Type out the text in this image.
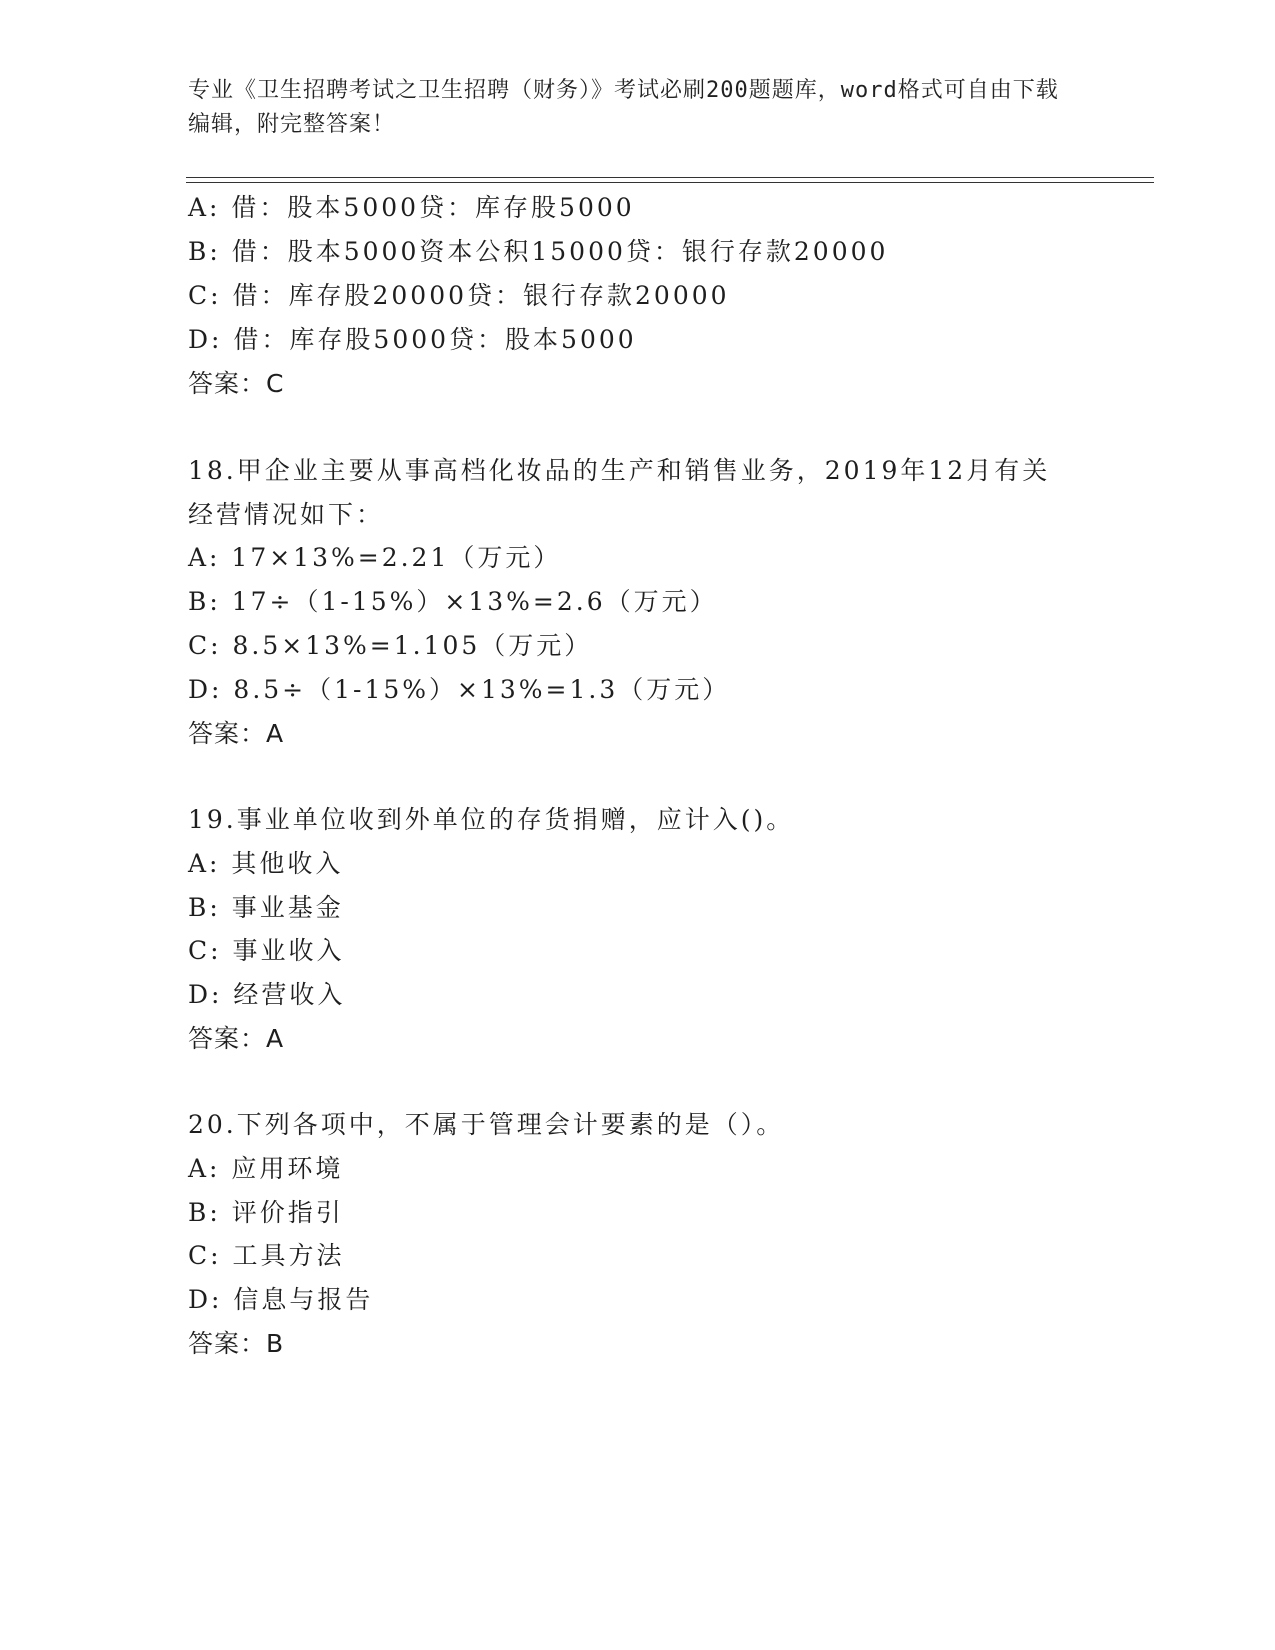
专业《卫生招聘考试之卫生招聘（财务）》考试必刷200题题库，word格式可自由下载编辑，附完整答案！
A: 借：股本5000贷：库存股5000
B: 借：股本5000资本公积15000贷：银行存款20000
C: 借：库存股20000贷：银行存款20000
D: 借：库存股5000贷：股本5000
答案：C
18.甲企业主要从事高档化妆品的生产和销售业务，2019年12月有关
经营情况如下：
A: 17×13%=2.21（万元）
B: 17÷（1-15%）×13%=2.6（万元）
C: 8.5×13%=1.105（万元）
D: 8.5÷（1-15%）×13%=1.3（万元）
答案：A
19.事业单位收到外单位的存货捐赠，应计入()。
A: 其他收入
B: 事业基金
C: 事业收入
D: 经营收入
答案：A
20.下列各项中，不属于管理会计要素的是（）。
A: 应用环境
B: 评价指引
C: 工具方法
D: 信息与报告
答案：B
